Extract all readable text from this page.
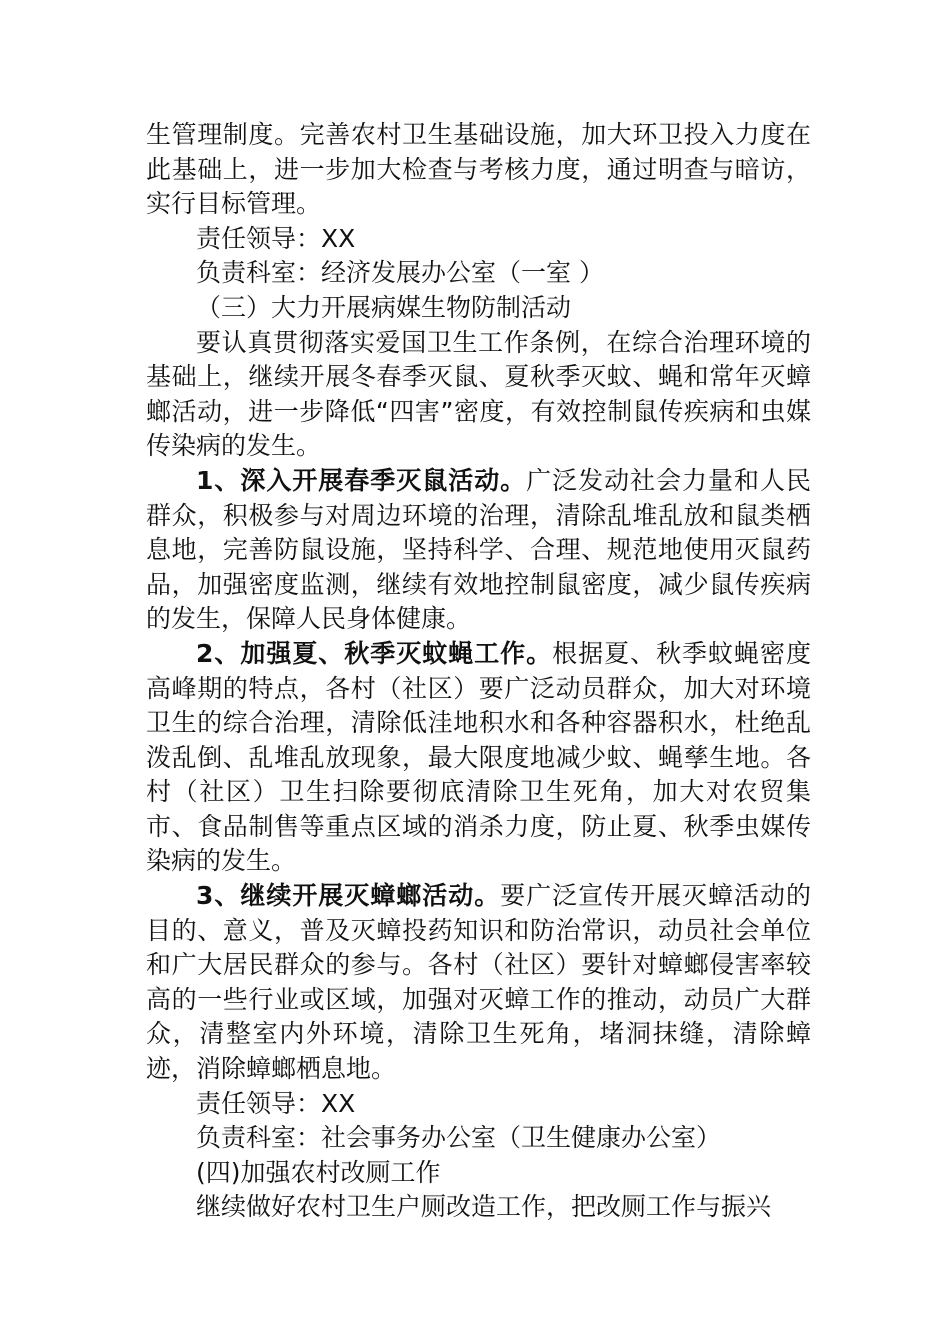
生管理制度。完善农村卫生基础设施，加大环卫投入力度在此基础上，进一步加大检查与考核力度，通过明查与暗访，实行目标管理。

责任领导：XX

负责科室：经济发展办公室（一室 ）

（三）大力开展病媒生物防制活动

要认真贯彻落实爱国卫生工作条例，在综合治理环境的基础上，继续开展冬春季灭鼠、夏秋季灭蚊、蝇和常年灭蟑螂活动，进一步降低“四害”密度，有效控制鼠传疾病和虫媒传染病的发生。

1、深入开展春季灭鼠活动。广泛发动社会力量和人民群众，积极参与对周边环境的治理，清除乱堆乱放和鼠类栖息地，完善防鼠设施，坚持科学、合理、规范地使用灭鼠药品，加强密度监测，继续有效地控制鼠密度，减少鼠传疾病的发生，保障人民身体健康。

2、加强夏、秋季灭蚊蝇工作。根据夏、秋季蚊蝇密度高峰期的特点，各村（社区）要广泛动员群众，加大对环境卫生的综合治理，清除低洼地积水和各种容器积水，杜绝乱泼乱倒、乱堆乱放现象，最大限度地减少蚊、蝇孳生地。各村（社区）卫生扫除要彻底清除卫生死角，加大对农贸集市、食品制售等重点区域的消杀力度，防止夏、秋季虫媒传染病的发生。

3、继续开展灭蟑螂活动。要广泛宣传开展灭蟑活动的目的、意义，普及灭蟑投药知识和防治常识，动员社会单位和广大居民群众的参与。各村（社区）要针对蟑螂侵害率较高的一些行业或区域，加强对灭蟑工作的推动，动员广大群众，清整室内外环境，清除卫生死角，堵洞抹缝，清除蟑迹，消除蟑螂栖息地。

责任领导：XX

负责科室：社会事务办公室（卫生健康办公室）

(四)加强农村改厕工作

继续做好农村卫生户厕改造工作，把改厕工作与振兴
